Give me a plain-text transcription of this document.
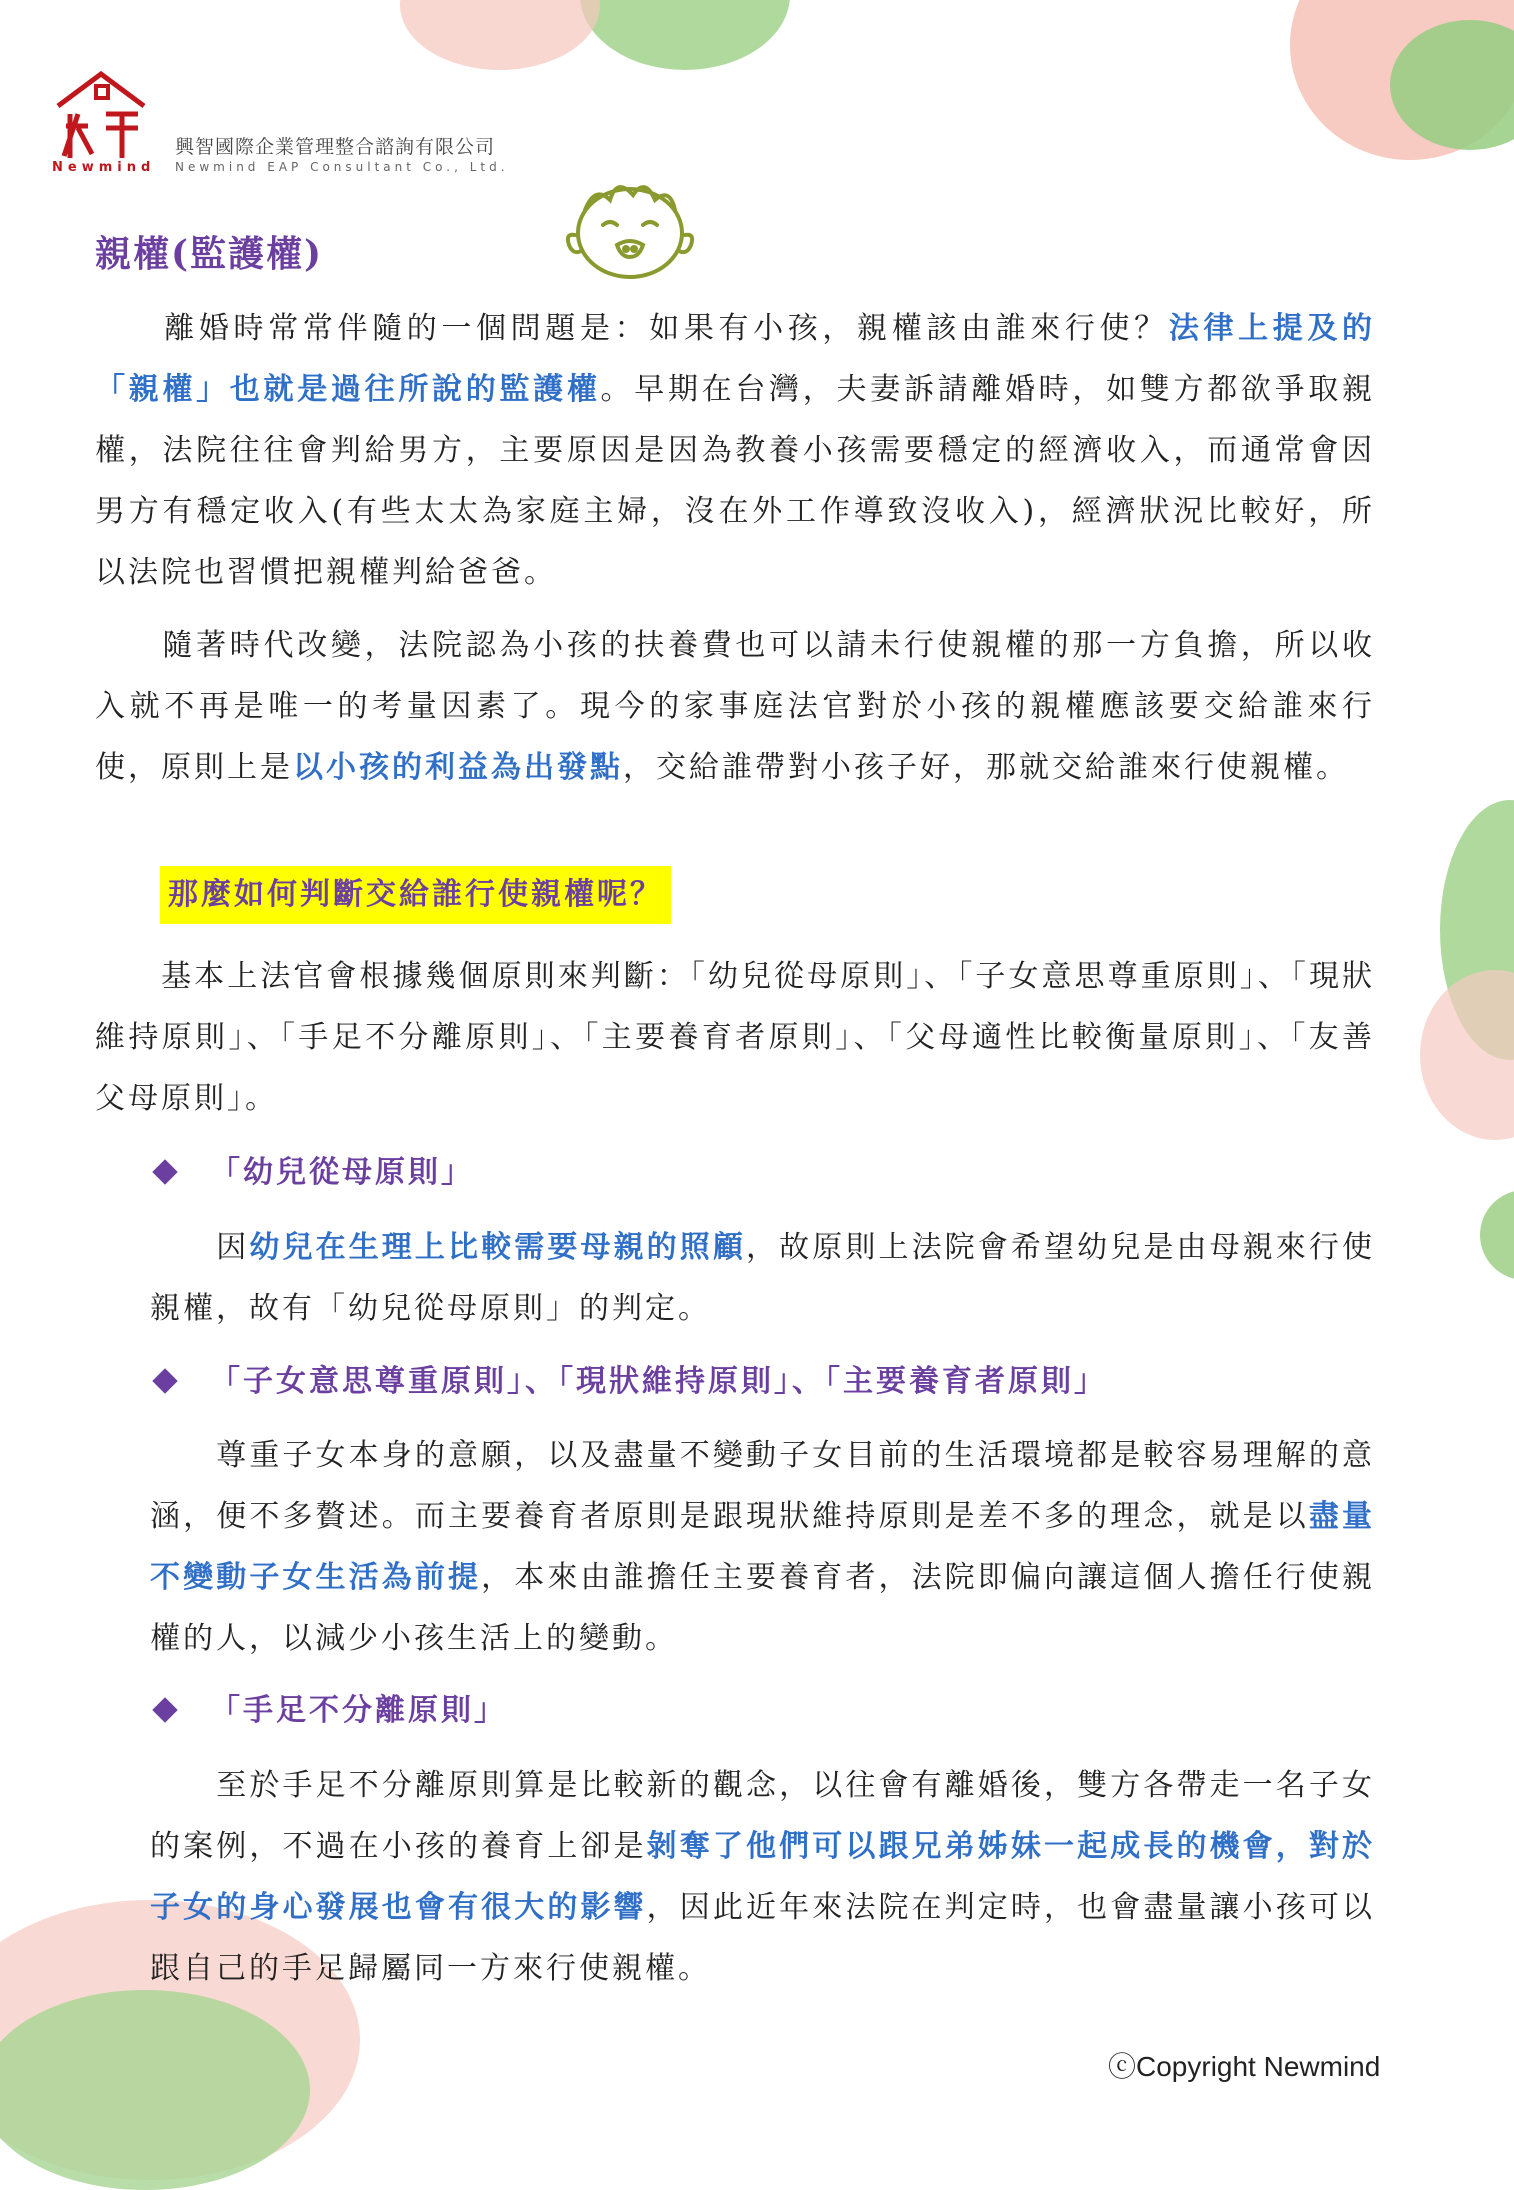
Newmind
興智國際企業管理整合諮詢有限公司
Newmind EAP Consultant Co., Ltd.
親權(監護權)

　　離婚時常常伴隨的一個問題是：如果有小孩，親權該由誰來行使？法律上提及的「親權」也就是過往所說的監護權。早期在台灣，夫妻訴請離婚時，如雙方都欲爭取親權，法院往往會判給男方，主要原因是因為教養小孩需要穩定的經濟收入，而通常會因男方有穩定收入(有些太太為家庭主婦，沒在外工作導致沒收入)，經濟狀況比較好，所以法院也習慣把親權判給爸爸。

　　隨著時代改變，法院認為小孩的扶養費也可以請未行使親權的那一方負擔，所以收入就不再是唯一的考量因素了。現今的家事庭法官對於小孩的親權應該要交給誰來行使，原則上是以小孩的利益為出發點，交給誰帶對小孩子好，那就交給誰來行使親權。

那麼如何判斷交給誰行使親權呢？

　　基本上法官會根據幾個原則來判斷：「幼兒從母原則」、「子女意思尊重原則」、「現狀維持原則」、「手足不分離原則」、「主要養育者原則」、「父母適性比較衡量原則」、「友善父母原則」。

「幼兒從母原則」

　　因幼兒在生理上比較需要母親的照顧，故原則上法院會希望幼兒是由母親來行使親權，故有「幼兒從母原則」的判定。

「子女意思尊重原則」、「現狀維持原則」、「主要養育者原則」

　　尊重子女本身的意願，以及盡量不變動子女目前的生活環境都是較容易理解的意涵，便不多贅述。而主要養育者原則是跟現狀維持原則是差不多的理念，就是以盡量不變動子女生活為前提，本來由誰擔任主要養育者，法院即偏向讓這個人擔任行使親權的人，以減少小孩生活上的變動。

「手足不分離原則」

　　至於手足不分離原則算是比較新的觀念，以往會有離婚後，雙方各帶走一名子女的案例，不過在小孩的養育上卻是剝奪了他們可以跟兄弟姊妹一起成長的機會，對於子女的身心發展也會有很大的影響，因此近年來法院在判定時，也會盡量讓小孩可以跟自己的手足歸屬同一方來行使親權。

ⓒCopyright Newmind
